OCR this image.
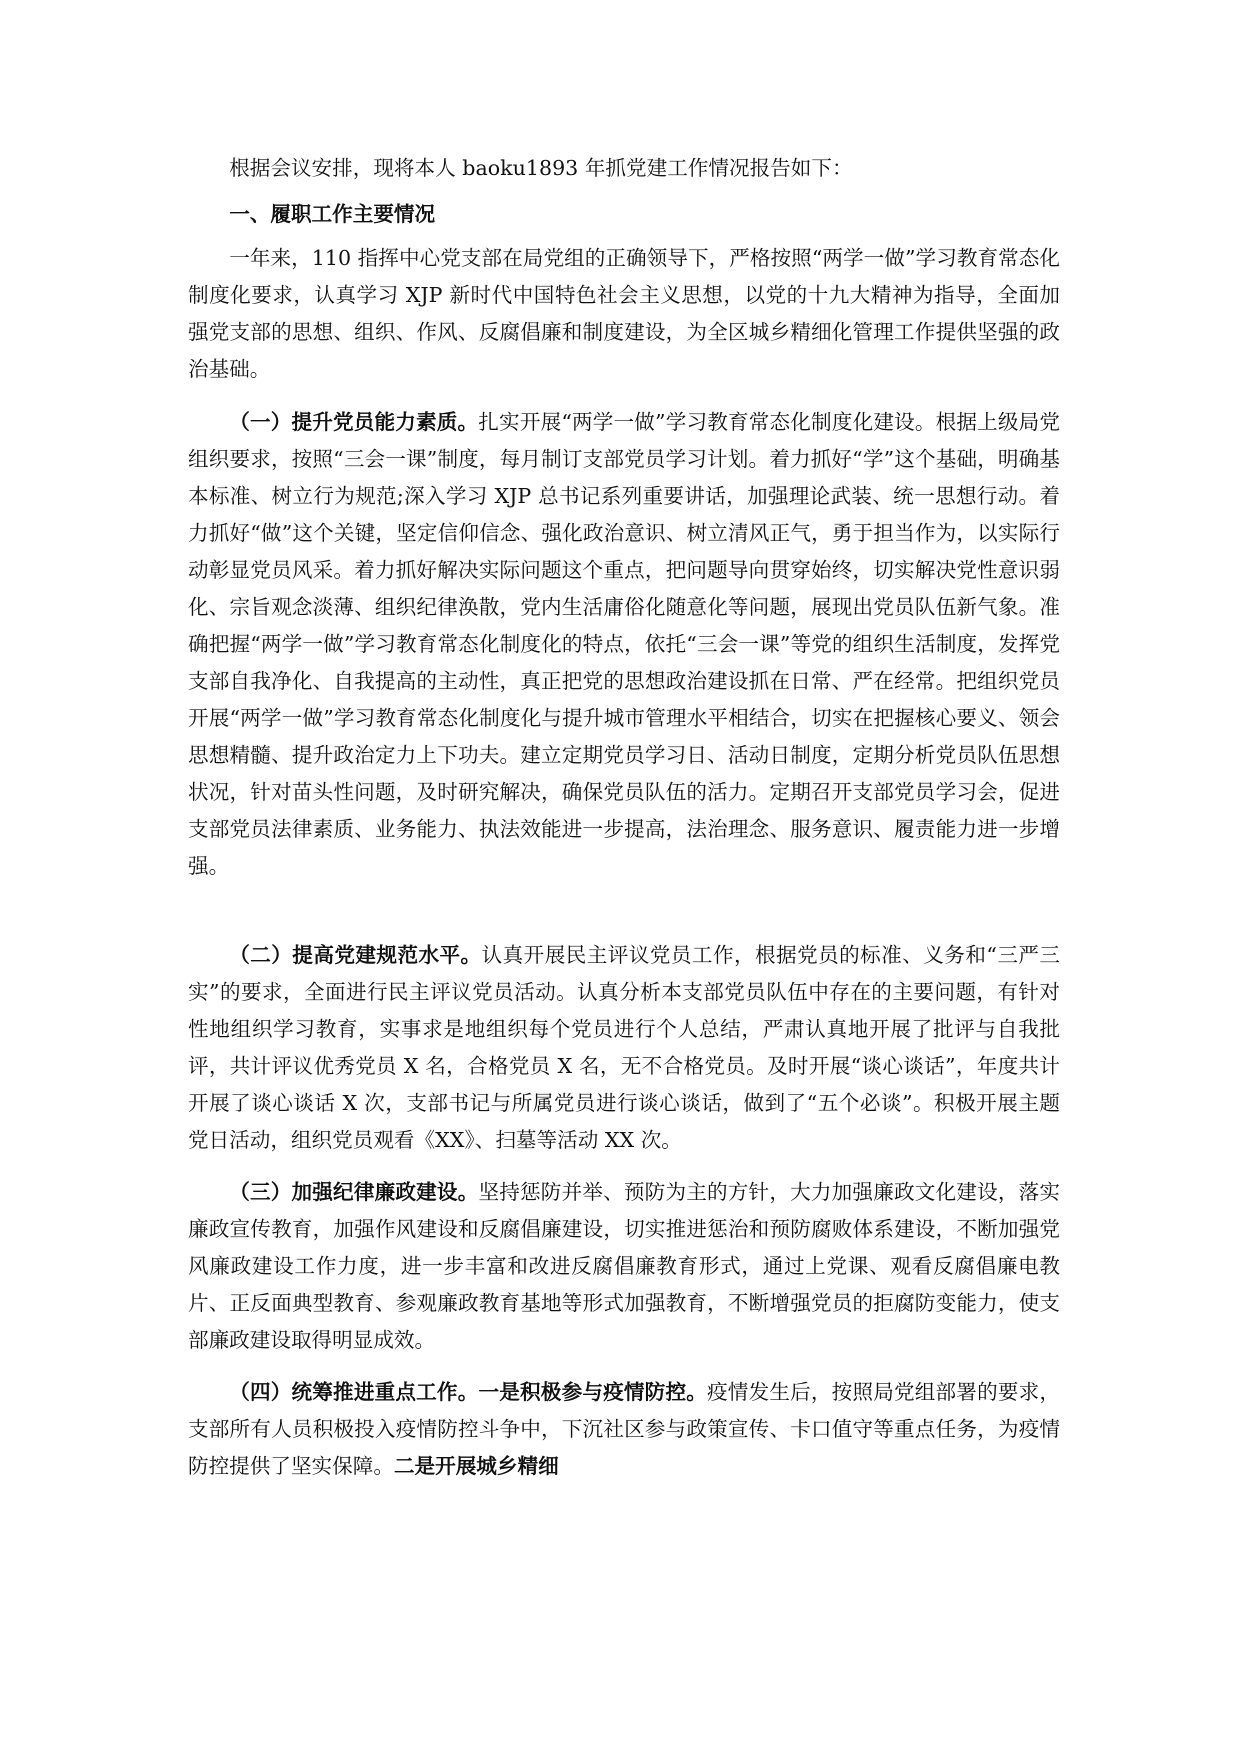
根据会议安排，现将本人 baoku1893 年抓党建工作情况报告如下：

一、履职工作主要情况

一年来，110 指挥中心党支部在局党组的正确领导下，严格按照“两学一做”学习教育常态化制度化要求，认真学习 XJP 新时代中国特色社会主义思想，以党的十九大精神为指导，全面加强党支部的思想、组织、作风、反腐倡廉和制度建设，为全区城乡精细化管理工作提供坚强的政治基础。

（一）提升党员能力素质。扎实开展“两学一做”学习教育常态化制度化建设。根据上级局党组织要求，按照“三会一课”制度，每月制订支部党员学习计划。着力抓好“学”这个基础，明确基本标准、树立行为规范;深入学习 XJP 总书记系列重要讲话，加强理论武装、统一思想行动。着力抓好“做”这个关键，坚定信仰信念、强化政治意识、树立清风正气，勇于担当作为，以实际行动彰显党员风采。着力抓好解决实际问题这个重点，把问题导向贯穿始终，切实解决党性意识弱化、宗旨观念淡薄、组织纪律涣散，党内生活庸俗化随意化等问题，展现出党员队伍新气象。准确把握“两学一做”学习教育常态化制度化的特点，依托“三会一课”等党的组织生活制度，发挥党支部自我净化、自我提高的主动性，真正把党的思想政治建设抓在日常、严在经常。把组织党员开展“两学一做”学习教育常态化制度化与提升城市管理水平相结合，切实在把握核心要义、领会思想精髓、提升政治定力上下功夫。建立定期党员学习日、活动日制度，定期分析党员队伍思想状况，针对苗头性问题，及时研究解决，确保党员队伍的活力。定期召开支部党员学习会，促进支部党员法律素质、业务能力、执法效能进一步提高，法治理念、服务意识、履责能力进一步增强。

（二）提高党建规范水平。认真开展民主评议党员工作，根据党员的标准、义务和“三严三实”的要求，全面进行民主评议党员活动。认真分析本支部党员队伍中存在的主要问题，有针对性地组织学习教育，实事求是地组织每个党员进行个人总结，严肃认真地开展了批评与自我批评，共计评议优秀党员 X 名，合格党员 X 名，无不合格党员。及时开展“谈心谈话”，年度共计开展了谈心谈话 X 次，支部书记与所属党员进行谈心谈话，做到了“五个必谈”。积极开展主题党日活动，组织党员观看《XX》、扫墓等活动 XX 次。

（三）加强纪律廉政建设。坚持惩防并举、预防为主的方针，大力加强廉政文化建设，落实廉政宣传教育，加强作风建设和反腐倡廉建设，切实推进惩治和预防腐败体系建设，不断加强党风廉政建设工作力度，进一步丰富和改进反腐倡廉教育形式，通过上党课、观看反腐倡廉电教片、正反面典型教育、参观廉政教育基地等形式加强教育，不断增强党员的拒腐防变能力，使支部廉政建设取得明显成效。

（四）统筹推进重点工作。一是积极参与疫情防控。疫情发生后，按照局党组部署的要求，支部所有人员积极投入疫情防控斗争中，下沉社区参与政策宣传、卡口值守等重点任务，为疫情防控提供了坚实保障。二是开展城乡精细
